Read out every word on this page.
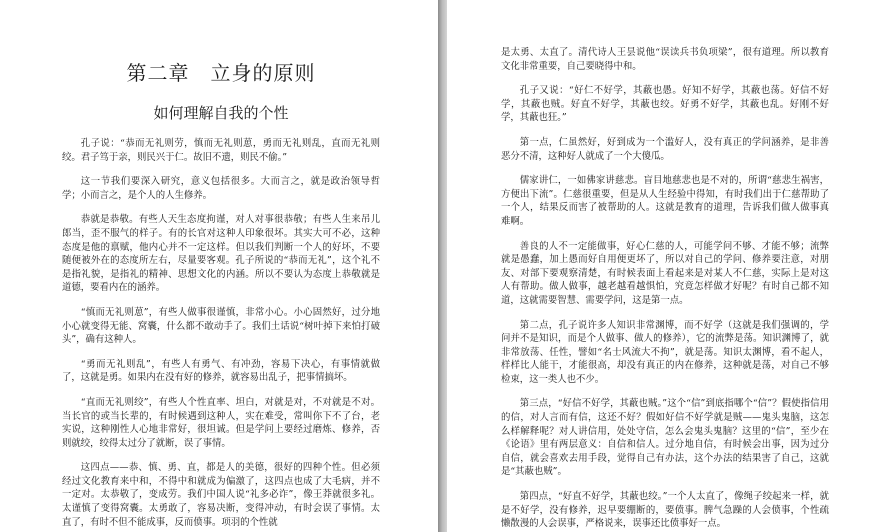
第二章　立身的原则
如何理解自我的个性

孔子说：“恭而无礼则劳，慎而无礼则葸，勇而无礼则乱，直而无礼则绞。君子笃于亲，则民兴于仁。故旧不遗，则民不偷。”

这一节我们要深入研究，意义包括很多。大而言之，就是政治领导哲学；小而言之，是个人的人生修养。

恭就是恭敬。有些人天生态度拘谨，对人对事很恭敬；有些人生来吊儿郎当，歪不服气的样子。有的长官对这种人印象很坏。其实大可不必，这种态度是他的禀赋，他内心并不一定这样。但以我们判断一个人的好坏，不要随便被外在的态度所左右，尽量要客观。孔子所说的“恭而无礼”，这个礼不是指礼貌，是指礼的精神、思想文化的内涵。所以不要认为态度上恭敬就是道德，要看内在的涵养。

“慎而无礼则葸”，有些人做事很谨慎，非常小心。小心固然好，过分地小心就变得无能、窝囊，什么都不敢动手了。我们土话说“树叶掉下来怕打破头”，确有这种人。

“勇而无礼则乱”，有些人有勇气、有冲劲，容易下决心，有事情就做了，这就是勇。如果内在没有好的修养，就容易出乱子，把事情搞坏。

“直而无礼则绞”，有些人个性直率、坦白，对就是对，不对就是不对。当长官的或当长辈的，有时候遇到这种人，实在难受，常叫你下不了台，老实说，这种刚性人心地非常好，很坦诚。但是学问上要经过磨炼、修养，否则就绞，绞得太过分了就断，误了事情。

这四点——恭、慎、勇、直，都是人的美德，很好的四种个性。但必须经过文化教育来中和，不得中和就成为偏激了，这四点也成了大毛病，并不一定对。太恭敬了，变成劳。我们中国人说“礼多必诈”，像王莽就很多礼。太谨慎了变得窝囊。太勇敢了，容易决断，变得冲动，有时会误了事情。太直了，有时不但不能成事，反而偾事。项羽的个性就

是太勇、太直了。清代诗人王昙说他“误读兵书负项梁”，很有道理。所以教育文化非常重要，自己要晓得中和。

孔子又说：“好仁不好学，其蔽也愚。好知不好学，其蔽也荡。好信不好学，其蔽也贼。好直不好学，其蔽也绞。好勇不好学，其蔽也乱。好刚不好学，其蔽也狂。”

第一点，仁虽然好，好到成为一个滥好人，没有真正的学问涵养，是非善恶分不清，这种好人就成了一个大傻瓜。

儒家讲仁，一如佛家讲慈悲。盲目地慈悲也是不对的，所谓“慈悲生祸害，方便出下流”。仁慈很重要，但是从人生经验中得知，有时我们出于仁慈帮助了一个人，结果反而害了被帮助的人。这就是教育的道理，告诉我们做人做事真难啊。

善良的人不一定能做事，好心仁慈的人，可能学问不够、才能不够；流弊就是愚蠢，加上愚而好自用便更坏了，所以对自己的学问、修养要注意，对朋友、对部下要观察清楚，有时候表面上看起来是对某人不仁慈，实际上是对这人有帮助。做人做事，越老越看越惧怕，究竟怎样做才好呢？有时自己都不知道，这就需要智慧、需要学问，这是第一点。

第二点，孔子说许多人知识非常渊博，而不好学（这就是我们强调的，学问并不是知识，而是个人做事、做人的修养），它的流弊是荡。知识渊博了，就非常放荡、任性，譬如“名士风流大不拘”，就是荡。知识太渊博，看不起人，样样比人能干，才能很高，却没有真正的内在修养，这种就是荡，对自己不够检束，这一类人也不少。

第三点，“好信不好学，其蔽也贼。”这个“信”到底指哪个“信”？假使指信用的信，对人言而有信，这还不好？假如好信不好学就是贼——鬼头鬼脑，这怎么样解释呢？对人讲信用，处处守信，怎么会鬼头鬼脑？这里的“信”，至少在《论语》里有两层意义：自信和信人。过分地自信，有时候会出事，因为过分自信，就会喜欢去用手段，觉得自己有办法，这个办法的结果害了自己，这就是“其蔽也贼”。

第四点，“好直不好学，其蔽也绞。”一个人太直了，像绳子绞起来一样，就是不好学，没有修养，迟早要绷断的，要偾事。脾气急躁的人会偾事，个性疏懒散漫的人会误事，严格说来，误事还比偾事好一点。
